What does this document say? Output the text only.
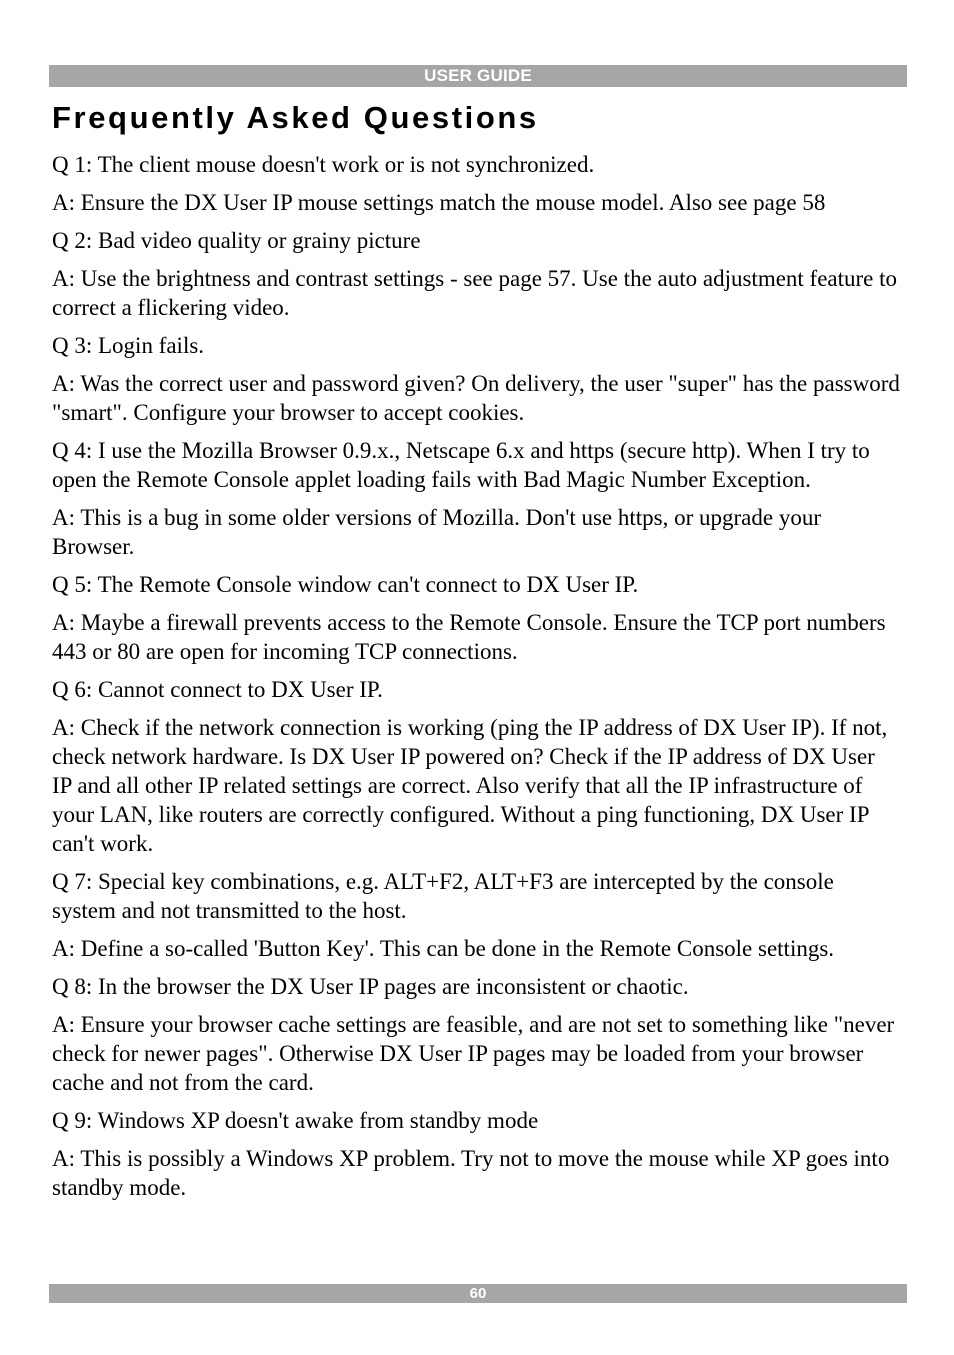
USER GUIDE
Frequently Asked Questions

Q 1: The client mouse doesn't work or is not synchronized.

A: Ensure the DX User IP mouse settings match the mouse model. Also see page 58

Q 2: Bad video quality or grainy picture

A: Use the brightness and contrast settings - see page 57. Use the auto adjustment feature to correct a flickering video.

Q 3: Login fails.

A: Was the correct user and password given? On delivery, the user "super" has the password "smart". Configure your browser to accept cookies.

Q 4: I use the Mozilla Browser 0.9.x., Netscape 6.x and https (secure http). When I try to open the Remote Console applet loading fails with Bad Magic Number Exception.

A: This is a bug in some older versions of Mozilla. Don't use https, or upgrade your Browser.

Q 5: The Remote Console window can't connect to DX User IP.

A: Maybe a firewall prevents access to the Remote Console. Ensure the TCP port numbers 443 or 80 are open for incoming TCP connections.

Q 6: Cannot connect to DX User IP.

A: Check if the network connection is working (ping the IP address of DX User IP). If not, check network hardware. Is DX User IP powered on? Check if the IP address of DX User IP and all other IP related settings are correct. Also verify that all the IP infrastructure of your LAN, like routers are correctly configured. Without a ping functioning, DX User IP can't work.

Q 7: Special key combinations, e.g. ALT+F2, ALT+F3 are intercepted by the console system and not transmitted to the host.

A: Define a so-called 'Button Key'. This can be done in the Remote Console settings.

Q 8: In the browser the DX User IP pages are inconsistent or chaotic.

A: Ensure your browser cache settings are feasible, and are not set to something like "never check for newer pages". Otherwise DX User IP pages may be loaded from your browser cache and not from the card.

Q 9: Windows XP doesn't awake from standby mode

A: This is possibly a Windows XP problem. Try not to move the mouse while XP goes into standby mode.

60
